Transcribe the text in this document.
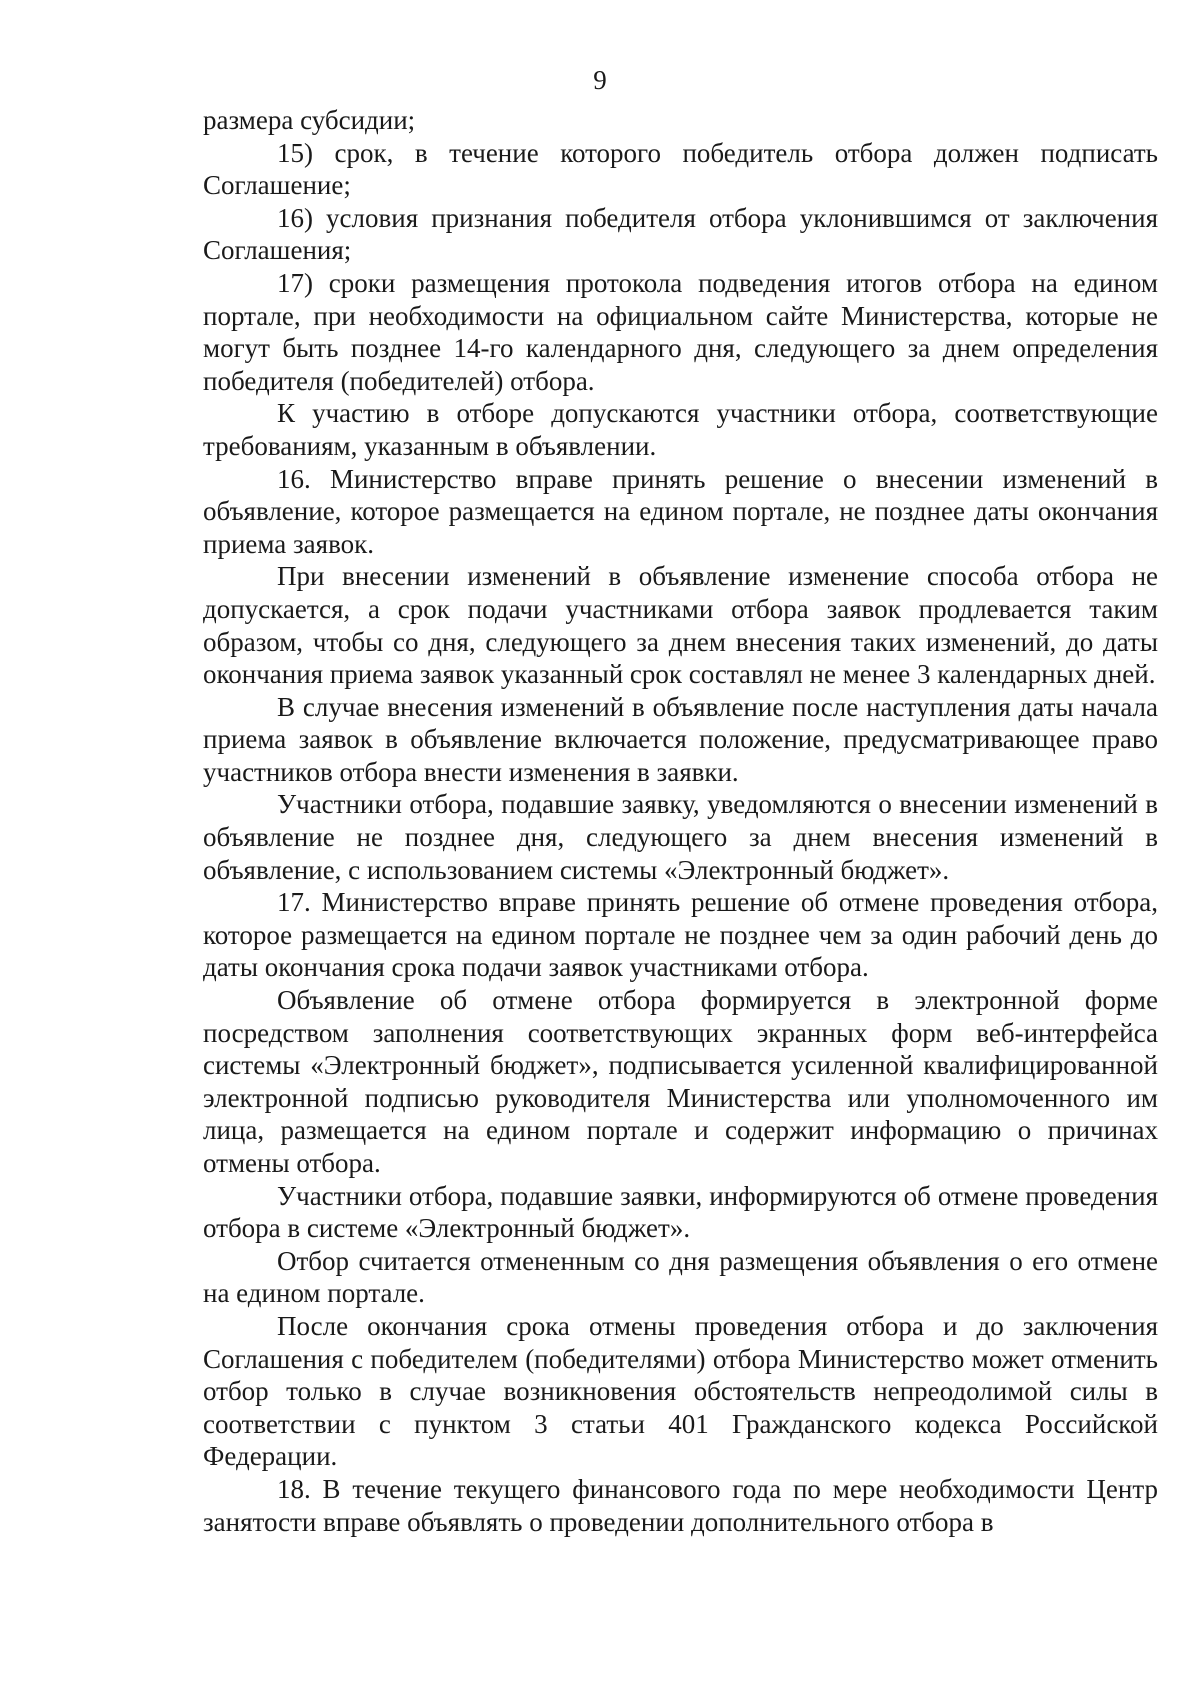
9

размера субсидии;

15) срок, в течение которого победитель отбора должен подписать Соглашение;

16) условия признания победителя отбора уклонившимся от заключения Соглашения;

17) сроки размещения протокола подведения итогов отбора на едином портале, при необходимости на официальном сайте Министерства, которые не могут быть позднее 14-го календарного дня, следующего за днем определения победителя (победителей) отбора.

К участию в отборе допускаются участники отбора, соответствующие требованиям, указанным в объявлении.

16. Министерство вправе принять решение о внесении изменений в объявление, которое размещается на едином портале, не позднее даты окончания приема заявок.

При внесении изменений в объявление изменение способа отбора не допускается, а срок подачи участниками отбора заявок продлевается таким образом, чтобы со дня, следующего за днем внесения таких изменений, до даты окончания приема заявок указанный срок составлял не менее 3 календарных дней.

В случае внесения изменений в объявление после наступления даты начала приема заявок в объявление включается положение, предусматривающее право участников отбора внести изменения в заявки.

Участники отбора, подавшие заявку, уведомляются о внесении изменений в объявление не позднее дня, следующего за днем внесения изменений в объявление, с использованием системы «Электронный бюджет».

17. Министерство вправе принять решение об отмене проведения отбора, которое размещается на едином портале не позднее чем за один рабочий день до даты окончания срока подачи заявок участниками отбора.

Объявление об отмене отбора формируется в электронной форме посредством заполнения соответствующих экранных форм веб-интерфейса системы «Электронный бюджет», подписывается усиленной квалифицированной электронной подписью руководителя Министерства или уполномоченного им лица, размещается на едином портале и содержит информацию о причинах отмены отбора.

Участники отбора, подавшие заявки, информируются об отмене проведения отбора в системе «Электронный бюджет».

Отбор считается отмененным со дня размещения объявления о его отмене на едином портале.

После окончания срока отмены проведения отбора и до заключения Соглашения с победителем (победителями) отбора Министерство может отменить отбор только в случае возникновения обстоятельств непреодолимой силы в соответствии с пунктом 3 статьи 401 Гражданского кодекса Российской Федерации.

18. В течение текущего финансового года по мере необходимости Центр занятости вправе объявлять о проведении дополнительного отбора в
